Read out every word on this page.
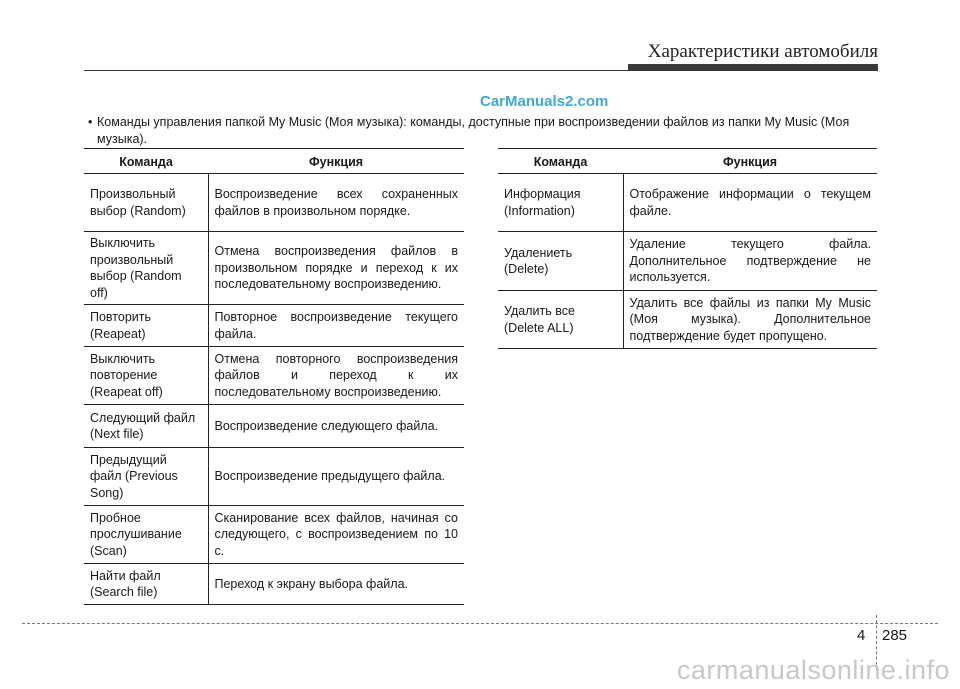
Характеристики автомобиля
CarManuals2.com
• Команды управления папкой My Music (Моя музыка): команды, доступные при воспроизведении файлов из папки My Music (Моя музыка).
Команда	Функция
Произвольный выбор (Random)	Воспроизведение всех сохраненных файлов в произвольном порядке.
Выключить произвольный выбор (Random off)	Отмена воспроизведения файлов в произвольном порядке и переход к их последовательному воспроизведению.
Повторить (Reapeat)	Повторное воспроизведение текущего файла.
Выключить повторение (Reapeat off)	Отмена повторного воспроизведения файлов и переход к их последовательному воспроизведению.
Следующий файл (Next file)	Воспроизведение следующего файла.
Предыдущий файл (Previous Song)	Воспроизведение предыдущего файла.
Пробное прослушивание (Scan)	Сканирование всех файлов, начиная со следующего, с воспроизведением по 10 с.
Найти файл (Search file)	Переход к экрану выбора файла.
Команда	Функция
Информация (Information)	Отображение информации о текущем файле.
Удалениеть (Delete)	Удаление текущего файла. Дополнительное подтверждение не используется.
Удалить все (Delete ALL)	Удалить все файлы из папки My Music (Моя музыка). Дополнительное подтверждение будет пропущено.
4 285
carmanualsonline.info
